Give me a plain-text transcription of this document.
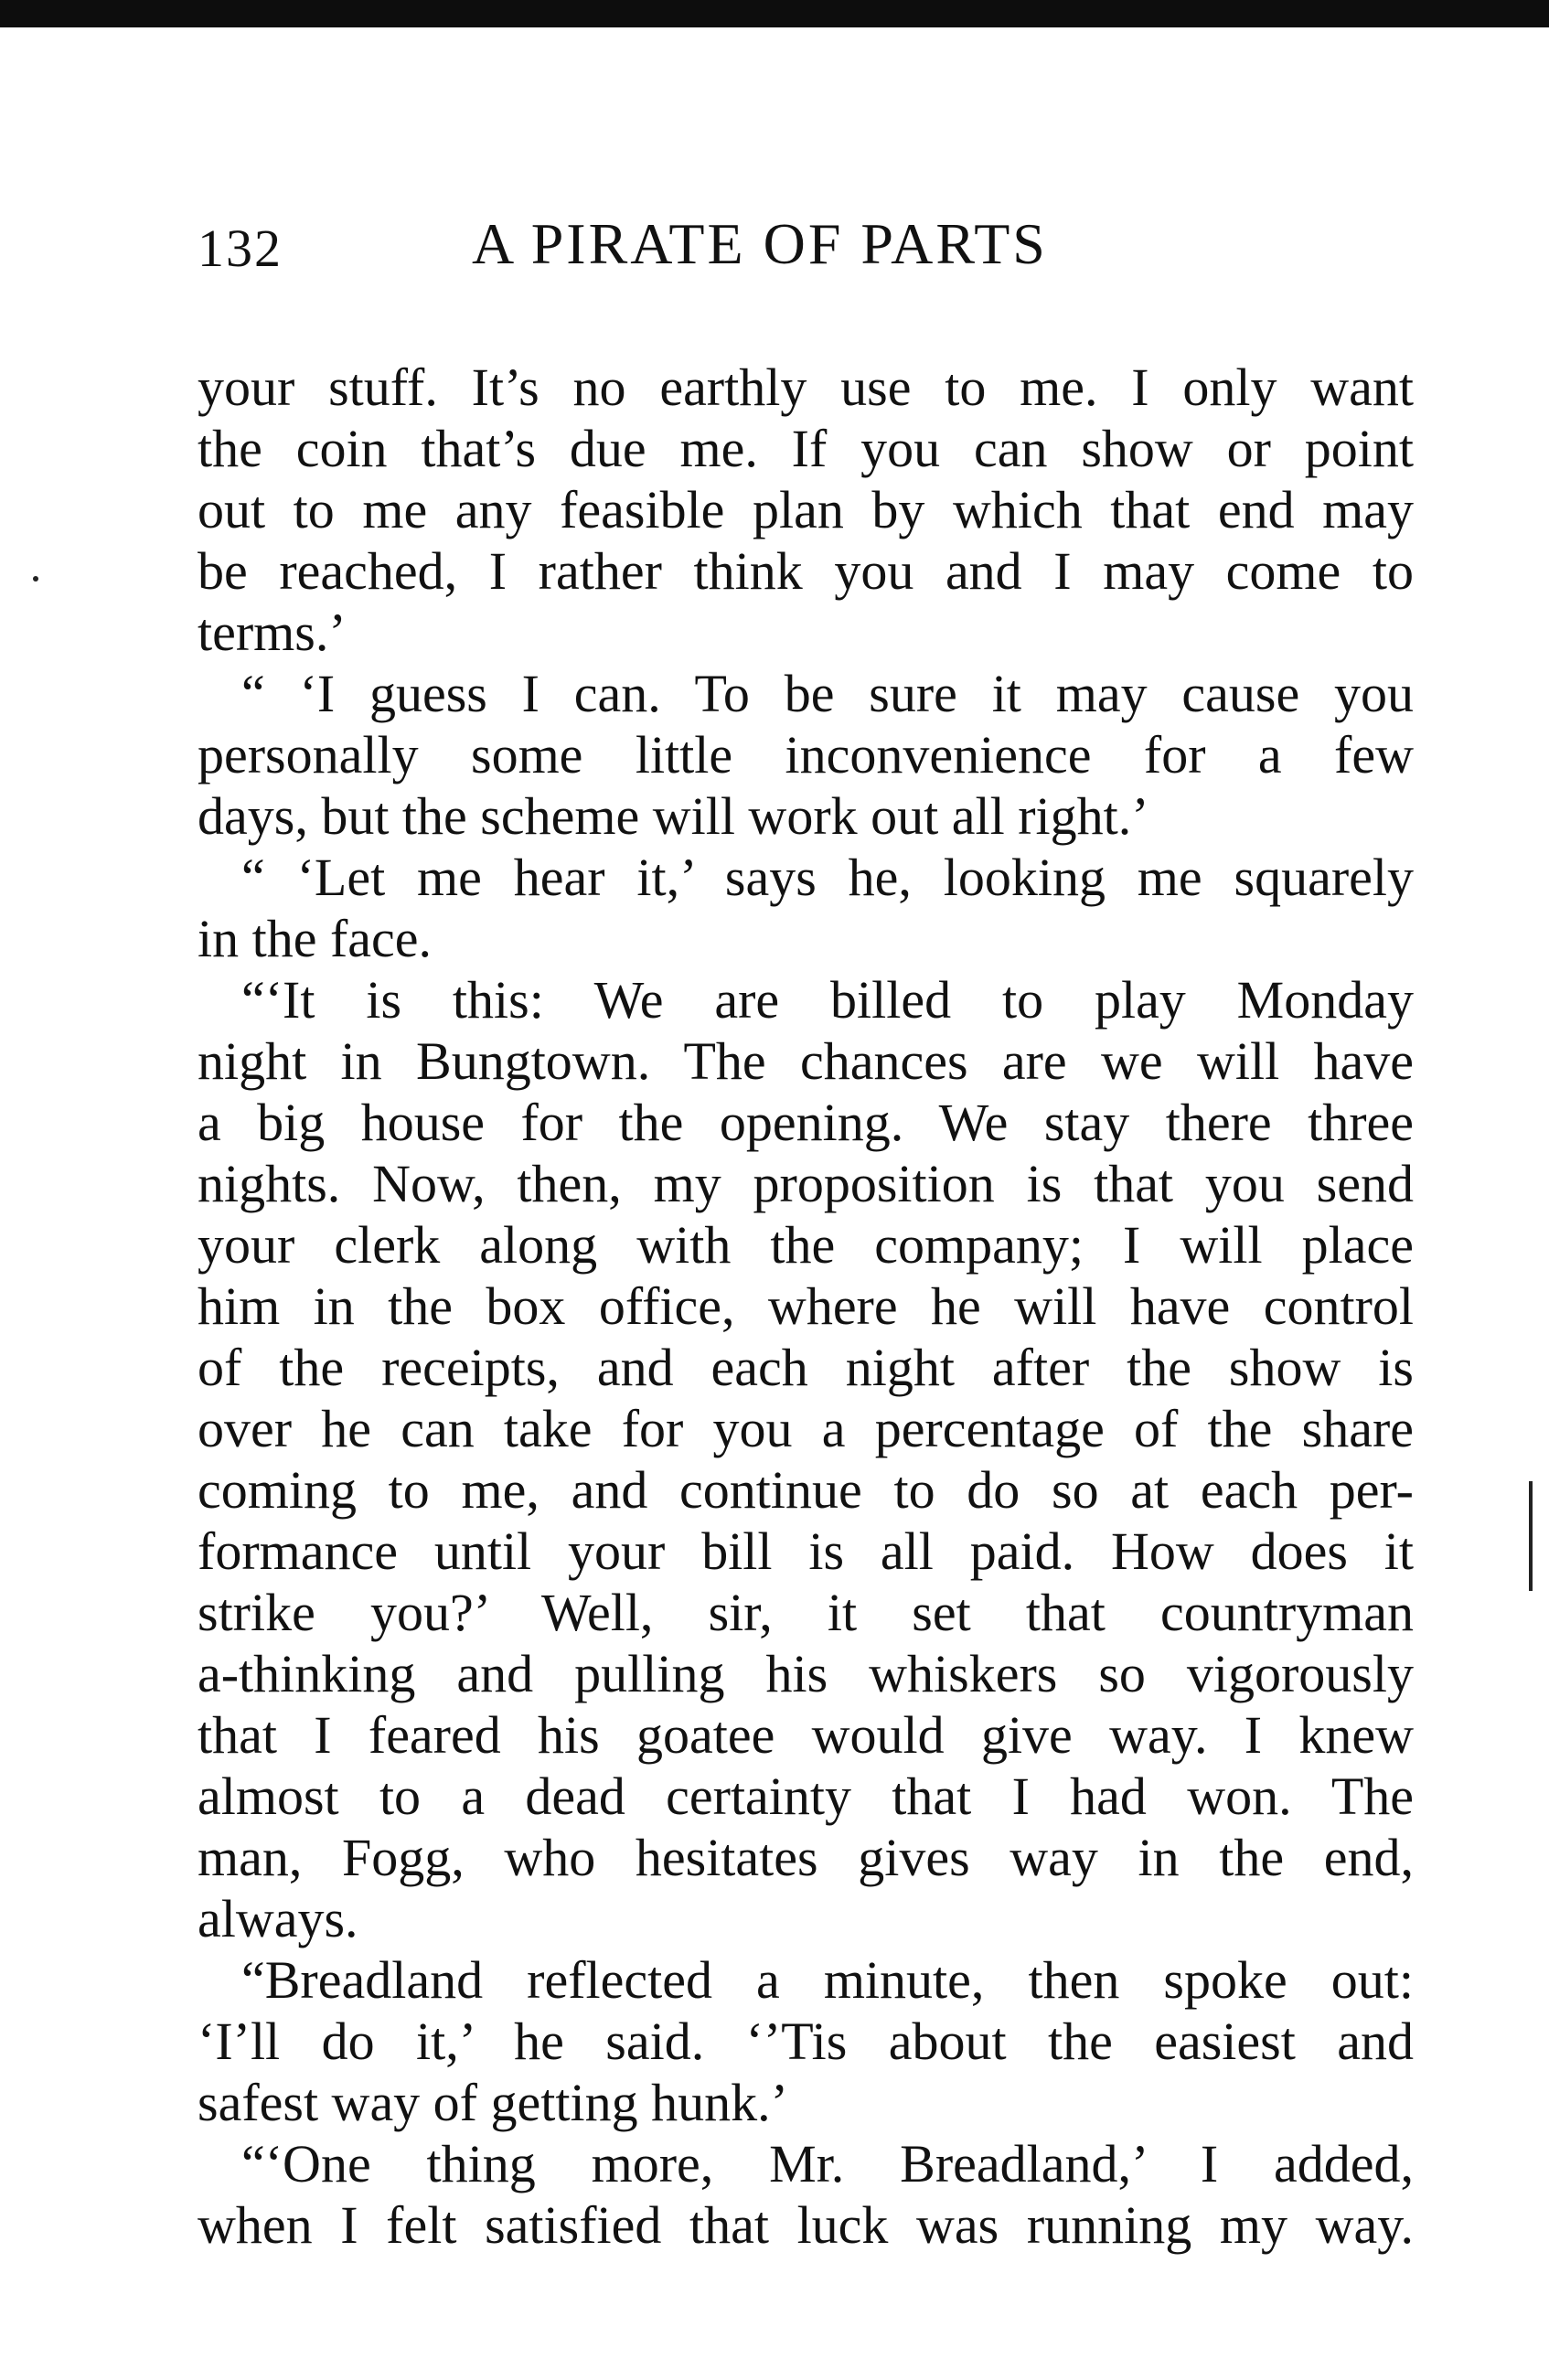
132	A PIRATE OF PARTS
your stuff. It’s no earthly use to me. I only want
the coin that’s due me. If you can show or point
out to me any feasible plan by which that end may
be reached, I rather think you and I may come to
terms.’
“ ‘I guess I can. To be sure it may cause you
personally some little inconvenience for a few
days, but the scheme will work out all right.’
“ ‘Let me hear it,’ says he, looking me squarely
in the face.
“‘It is this: We are billed to play Monday
night in Bungtown. The chances are we will have
a big house for the opening. We stay there three
nights. Now, then, my proposition is that you send
your clerk along with the company; I will place
him in the box office, where he will have control
of the receipts, and each night after the show is
over he can take for you a percentage of the share
coming to me, and continue to do so at each per-
formance until your bill is all paid. How does it
strike you?’ Well, sir, it set that countryman
a-thinking and pulling his whiskers so vigorously
that I feared his goatee would give way. I knew
almost to a dead certainty that I had won. The
man, Fogg, who hesitates gives way in the end,
always.
“Breadland reflected a minute, then spoke out:
‘I’ll do it,’ he said. ‘’Tis about the easiest and
safest way of getting hunk.’
“‘One thing more, Mr. Breadland,’ I added,
when I felt satisfied that luck was running my way.
